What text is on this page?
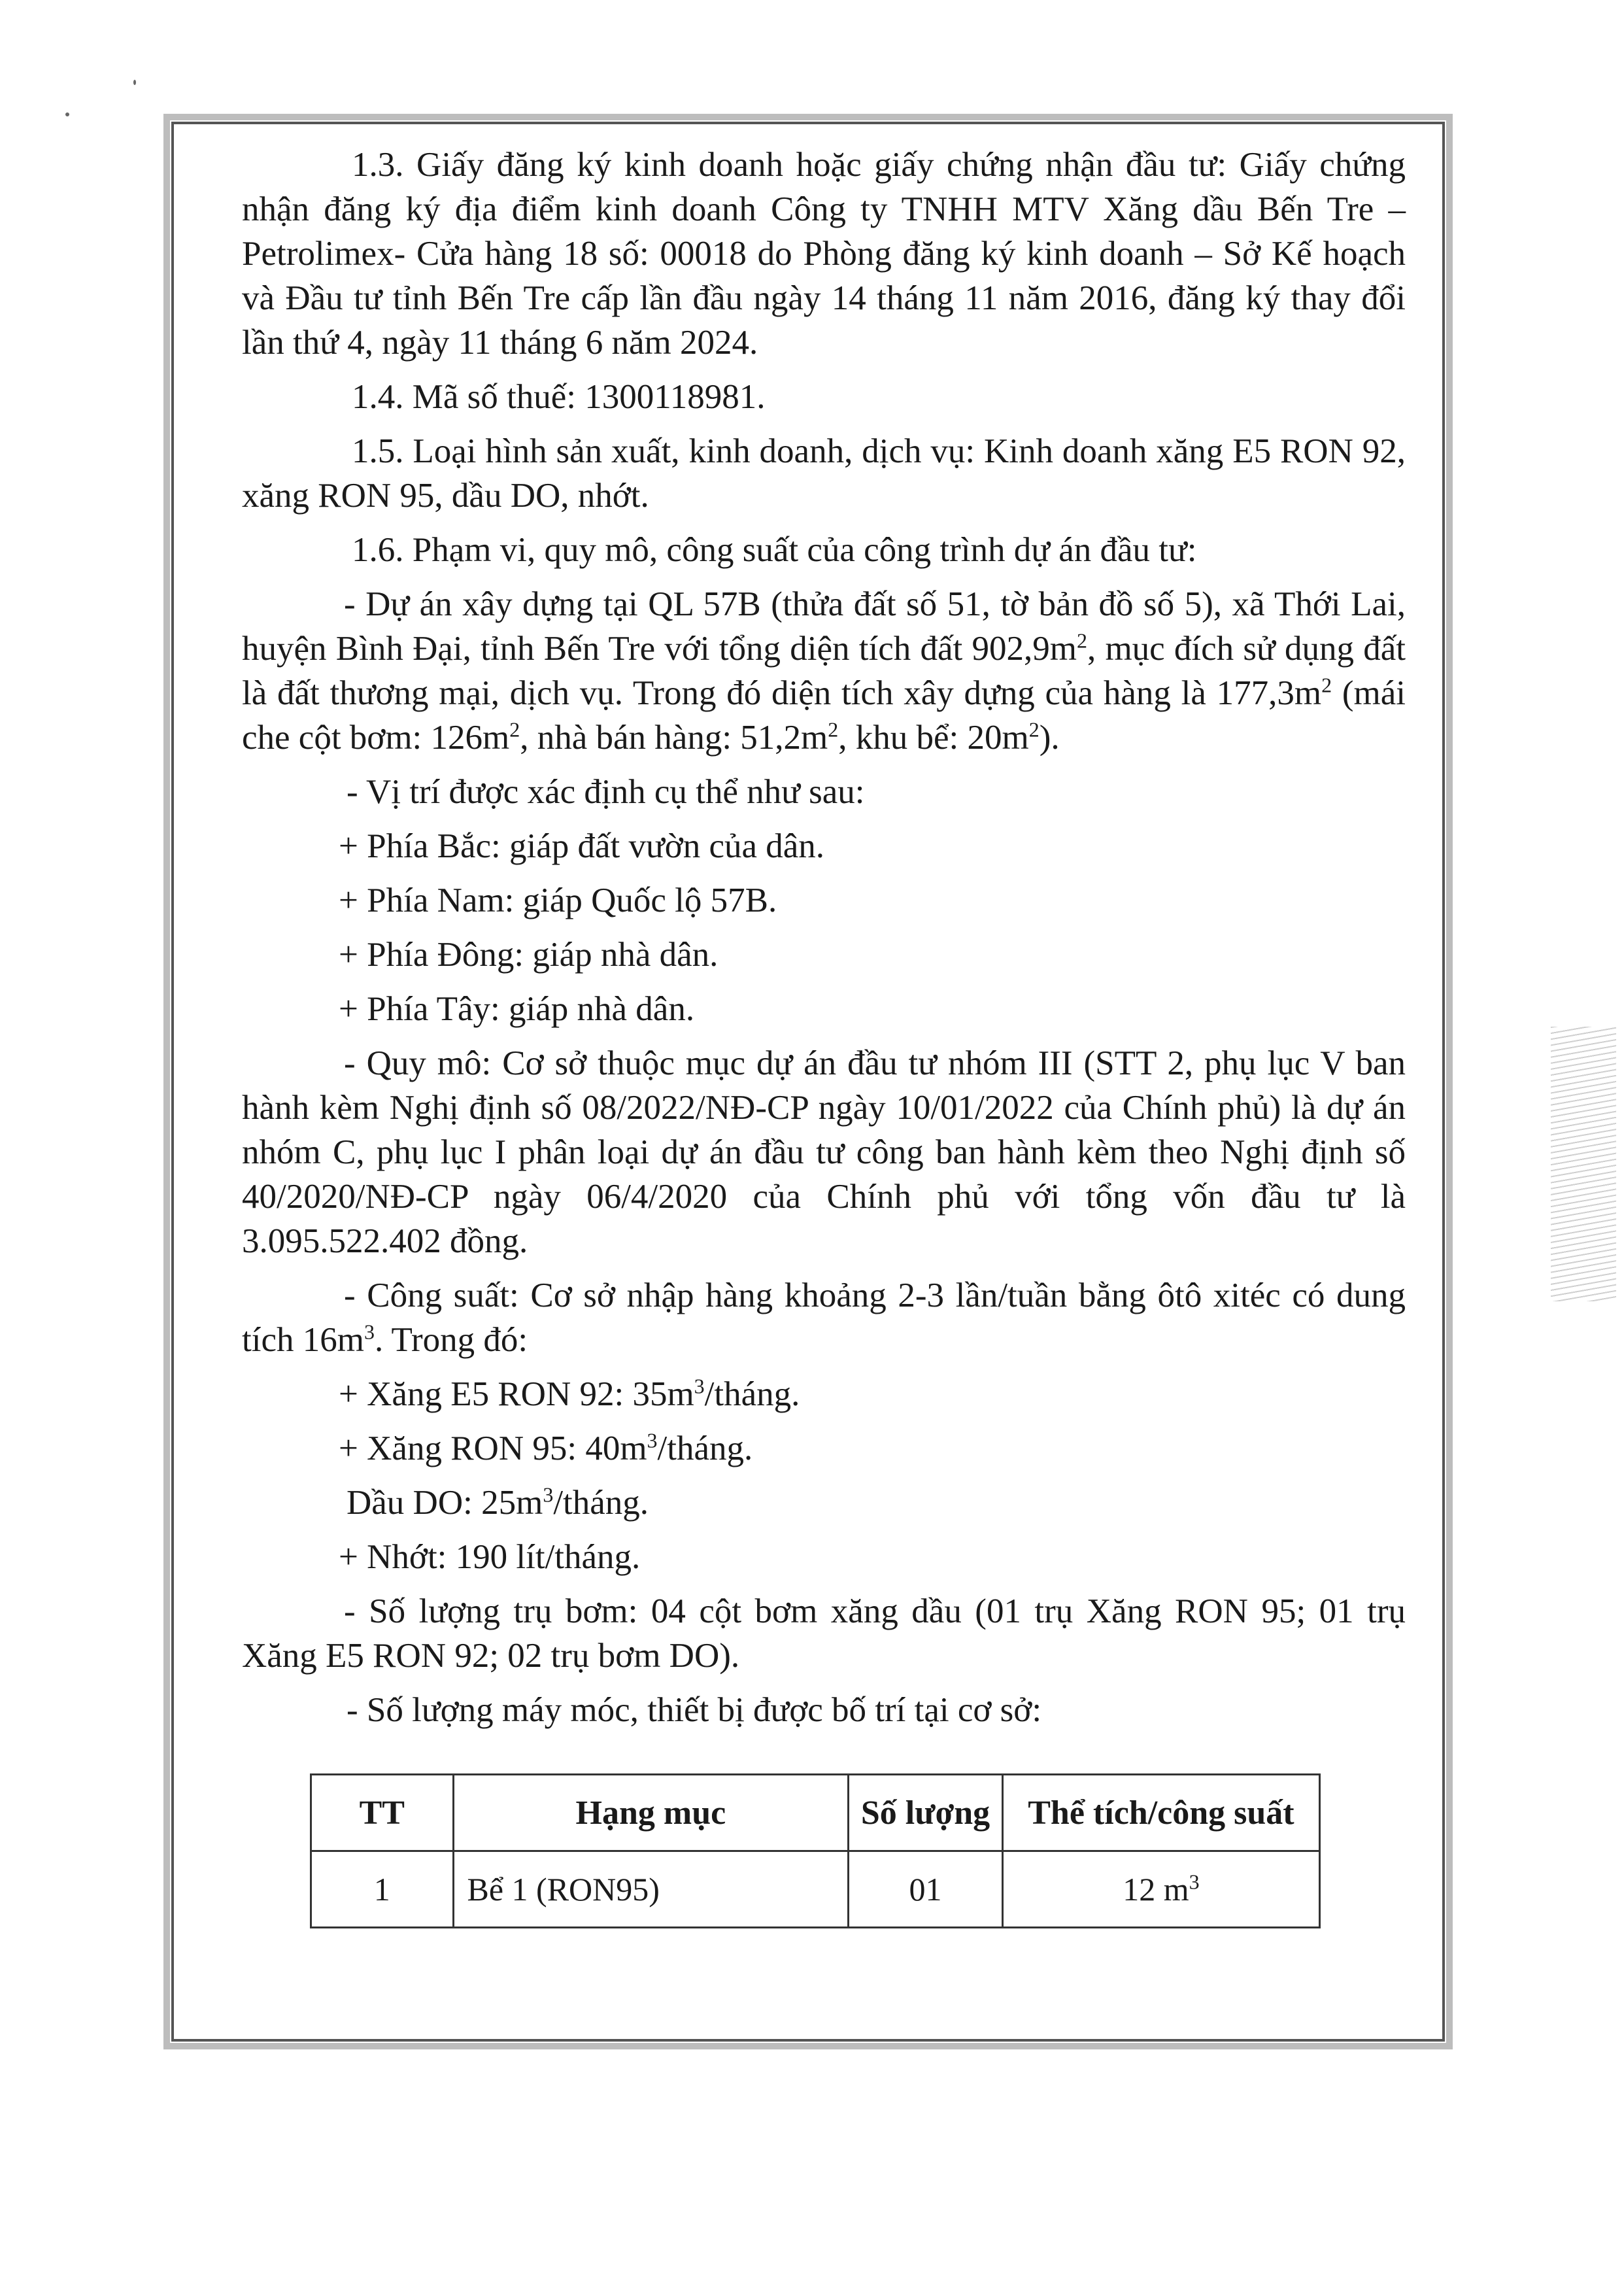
1.3. Giấy đăng ký kinh doanh hoặc giấy chứng nhận đầu tư: Giấy chứng nhận đăng ký địa điểm kinh doanh Công ty TNHH MTV Xăng dầu Bến Tre – Petrolimex- Cửa hàng 18 số: 00018 do Phòng đăng ký kinh doanh – Sở Kế hoạch và Đầu tư tỉnh Bến Tre cấp lần đầu ngày 14 tháng 11 năm 2016, đăng ký thay đổi lần thứ 4, ngày 11 tháng 6 năm 2024.

1.4. Mã số thuế: 1300118981.

1.5. Loại hình sản xuất, kinh doanh, dịch vụ: Kinh doanh xăng E5 RON 92, xăng RON 95, dầu DO, nhớt.

1.6. Phạm vi, quy mô, công suất của công trình dự án đầu tư:

- Dự án xây dựng tại QL 57B (thửa đất số 51, tờ bản đồ số 5), xã Thới Lai, huyện Bình Đại, tỉnh Bến Tre với tổng diện tích đất $902,9m^2$, mục đích sử dụng đất là đất thương mại, dịch vụ. Trong đó diện tích xây dựng của hàng là $177,3m^2$ (mái che cột bơm: $126m^2$, nhà bán hàng: $51,2m^2$, khu bể: $20m^2$).

- Vị trí được xác định cụ thể như sau:

+ Phía Bắc: giáp đất vườn của dân.

+ Phía Nam: giáp Quốc lộ 57B.

+ Phía Đông: giáp nhà dân.

+ Phía Tây: giáp nhà dân.

- Quy mô: Cơ sở thuộc mục dự án đầu tư nhóm III (STT 2, phụ lục V ban hành kèm Nghị định số 08/2022/NĐ-CP ngày 10/01/2022 của Chính phủ) là dự án nhóm C, phụ lục I phân loại dự án đầu tư công ban hành kèm theo Nghị định số 40/2020/NĐ-CP ngày 06/4/2020 của Chính phủ với tổng vốn đầu tư là 3.095.522.402 đồng.

- Công suất: Cơ sở nhập hàng khoảng 2-3 lần/tuần bằng ôtô xitéc có dung tích $16m^3$. Trong đó:

+ Xăng E5 RON 92: $35m^3$/tháng.

+ Xăng RON 95: $40m^3$/tháng.

Dầu DO: $25m^3$/tháng.

+ Nhớt: 190 lít/tháng.

- Số lượng trụ bơm: 04 cột bơm xăng dầu (01 trụ Xăng RON 95; 01 trụ Xăng E5 RON 92; 02 trụ bơm DO).

- Số lượng máy móc, thiết bị được bố trí tại cơ sở:

TT	Hạng mục	Số lượng	Thể tích/công suất
1	Bể 1 (RON95)	01	12 $m^3$
